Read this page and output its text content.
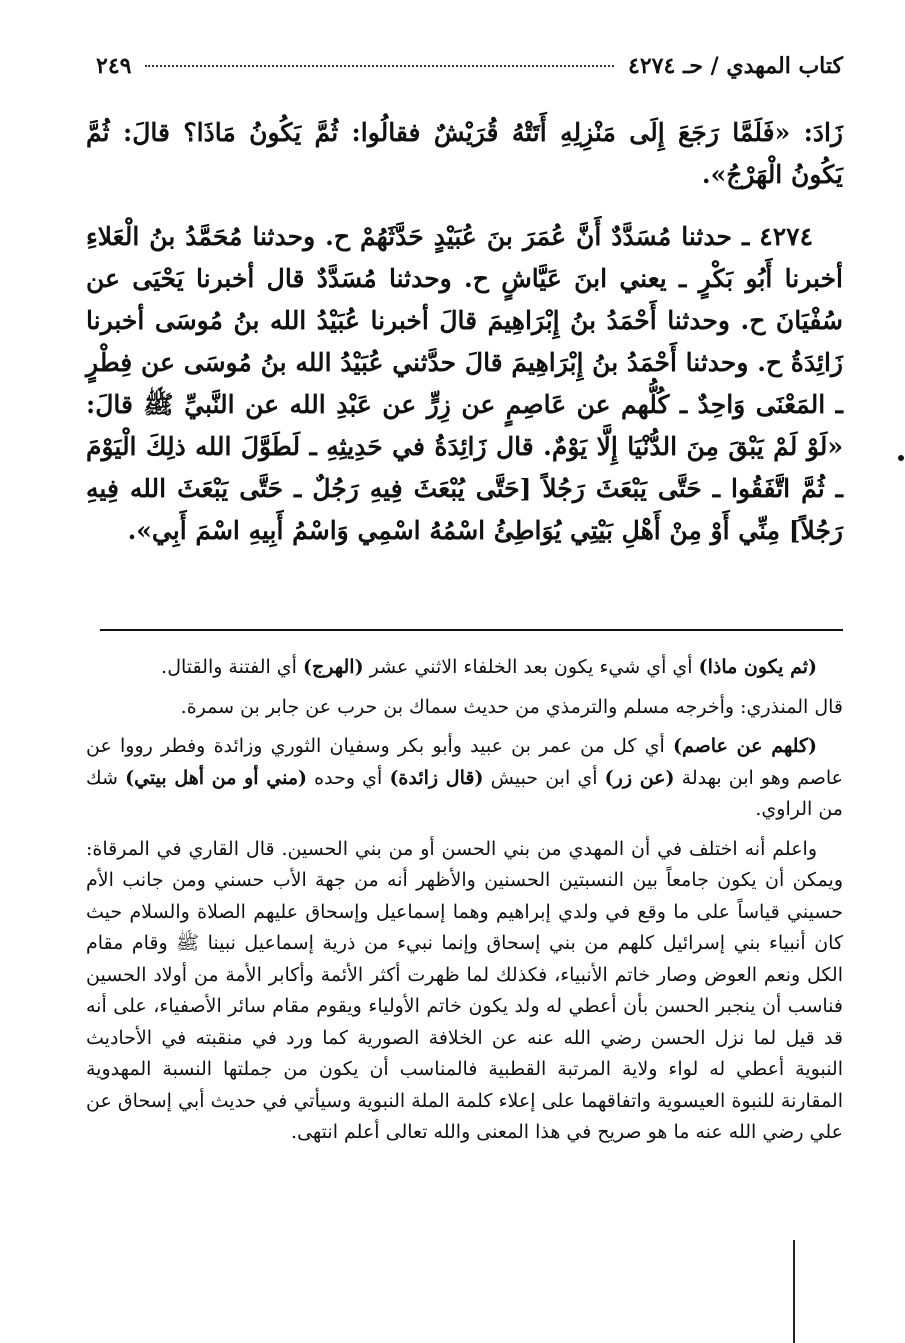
كتاب المهدي / حـ ٤٢٧٤
٢٤٩

زَادَ: «فَلَمَّا رَجَعَ إِلَى مَنْزِلِهِ أَتَتْهُ قُرَيْشٌ فقالُوا: ثُمَّ يَكُونُ مَاذَا؟ قالَ: ثُمَّ يَكُونُ الْهَرْجُ».

٤٢٧٤ ـ حدثنا مُسَدَّدٌ أَنَّ عُمَرَ بنَ عُبَيْدٍ حَدَّثَهُمْ ح. وحدثنا مُحَمَّدُ بنُ الْعَلاءِ أخبرنا أَبُو بَكْرٍ ـ يعني ابنَ عَيَّاشٍ ح. وحدثنا مُسَدَّدٌ قال أخبرنا يَحْيَى عن سُفْيَانَ ح. وحدثنا أَحْمَدُ بنُ إِبْرَاهِيمَ قالَ أخبرنا عُبَيْدُ الله بنُ مُوسَى أخبرنا زَائِدَةُ ح. وحدثنا أَحْمَدُ بنُ إِبْرَاهِيمَ قالَ حدَّثني عُبَيْدُ الله بنُ مُوسَى عن فِطْرٍ ـ المَعْنَى وَاحِدٌ ـ كُلُّهم عن عَاصِمٍ عن زِرٍّ عن عَبْدِ الله عن النَّبيِّ ﷺ قالَ: «لَوْ لَمْ يَبْقَ مِنَ الدُّنْيَا إِلَّا يَوْمٌ. قال زَائِدَةُ في حَدِيثِهِ ـ لَطَوَّلَ الله ذلِكَ الْيَوْمَ ـ ثُمَّ اتَّفَقُوا ـ حَتَّى يَبْعَثَ رَجُلاً [حَتَّى يُبْعَثَ فِيهِ رَجُلٌ ـ حَتَّى يَبْعَثَ الله فِيهِ رَجُلاً] مِنِّي أَوْ مِنْ أَهْلِ بَيْتِي يُوَاطِئُ اسْمُهُ اسْمِي وَاسْمُ أَبِيهِ اسْمَ أَبِي».

(ثم يكون ماذا) أي أي شيء يكون بعد الخلفاء الاثني عشر (الهرج) أي الفتنة والقتال.

قال المنذري: وأخرجه مسلم والترمذي من حديث سماك بن حرب عن جابر بن سمرة.

(كلهم عن عاصم) أي كل من عمر بن عبيد وأبو بكر وسفيان الثوري وزائدة وفطر رووا عن عاصم وهو ابن بهدلة (عن زر) أي ابن حبيش (قال زائدة) أي وحده (مني أو من أهل بيتي) شك من الراوي.

واعلم أنه اختلف في أن المهدي من بني الحسن أو من بني الحسين. قال القاري في المرقاة: ويمكن أن يكون جامعاً بين النسبتين الحسنين والأظهر أنه من جهة الأب حسني ومن جانب الأم حسيني قياساً على ما وقع في ولدي إبراهيم وهما إسماعيل وإسحاق عليهم الصلاة والسلام حيث كان أنبياء بني إسرائيل كلهم من بني إسحاق وإنما نبيء من ذرية إسماعيل نبينا ﷺ وقام مقام الكل ونعم العوض وصار خاتم الأنبياء، فكذلك لما ظهرت أكثر الأئمة وأكابر الأمة من أولاد الحسين فناسب أن ينجبر الحسن بأن أعطي له ولد يكون خاتم الأولياء ويقوم مقام سائر الأصفياء، على أنه قد قيل لما نزل الحسن رضي الله عنه عن الخلافة الصورية كما ورد في منقبته في الأحاديث النبوية أعطي له لواء ولاية المرتبة القطبية فالمناسب أن يكون من جملتها النسبة المهدوية المقارنة للنبوة العيسوية واتفاقهما على إعلاء كلمة الملة النبوية وسيأتي في حديث أبي إسحاق عن علي رضي الله عنه ما هو صريح في هذا المعنى والله تعالى أعلم انتهى.
